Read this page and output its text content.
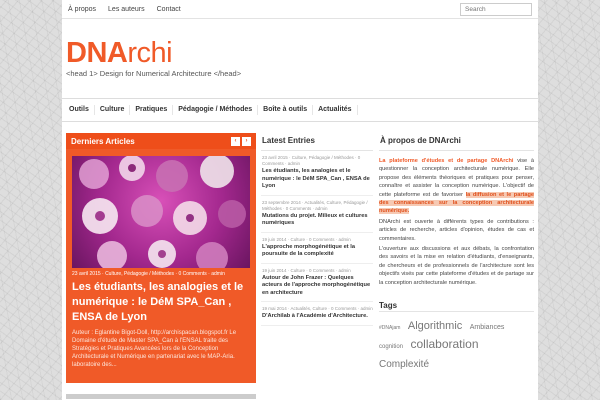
À propos Les auteurs Contact
Search
DNArchi
<head 1> Design for Numerical Architecture </head>
Outils	Culture	Pratiques	Pédagogie / Méthodes	Boîte à outils	Actualités
Derniers Articles	‹	›
23 avril 2015 · Culture, Pédagogie / Méthodes · 0 Comments · admin
Les étudiants, les analogies et le numérique : le DéM SPA_Can , ENSA de Lyon
Auteur : Eglantine Bigot-Doll, http://archispacan.blogspot.fr Le Domaine d'étude de Master SPA_Can à l'ENSAL traite des Stratégies et Pratiques Avancées lors de la Conception Architecturale et Numérique en partenariat avec le MAP-Aria. laboratoire des...
Latest Entries
23 avril 2015 · Culture, Pédagogie / Méthodes · 0 Comments · admin
Les étudiants, les analogies et le numérique : le DéM SPA_Can , ENSA de Lyon
23 septembre 2014 · Actualités, Culture, Pédagogie / Méthodes · 0 Comments · admin
Mutations du projet. Milieux et cultures numériques
19 juin 2014 · Culture · 0 Comments · admin
L'approche morphogénétique et la poursuite de la complexité
19 juin 2014 · Culture · 0 Comments · admin
Autour de John Frazer : Quelques acteurs de l'approche morphogénétique en architecture
19 mai 2014 · Actualités, Culture · 0 Comments · admin
D'Archilab à l'Académie d'Architecture.
À propos de DNArchi

La plateforme d'études et de partage DNArchi vise à questionner la conception architecturale numérique. Elle propose des éléments théoriques et pratiques pour penser, connaître et assister la conception numérique. L'objectif de cette plateforme est de favoriser la diffusion et le partage des connaissances sur la conception architecturale numérique.

DNArchi est ouverte à différents types de contributions : articles de recherche, articles d'opinion, études de cas et commentaires.

L'ouverture aux discussions et aux débats, la confrontation des savoirs et la mise en relation d'étudiants, d'enseignants, de chercheurs et de professionnels de l'architecture sont les objectifs visés par cette plateforme d'études et de partage sur la conception architecturale numérique.

Tags
#DNAjam Algorithmic Ambiances cognition collaboration Complexité
